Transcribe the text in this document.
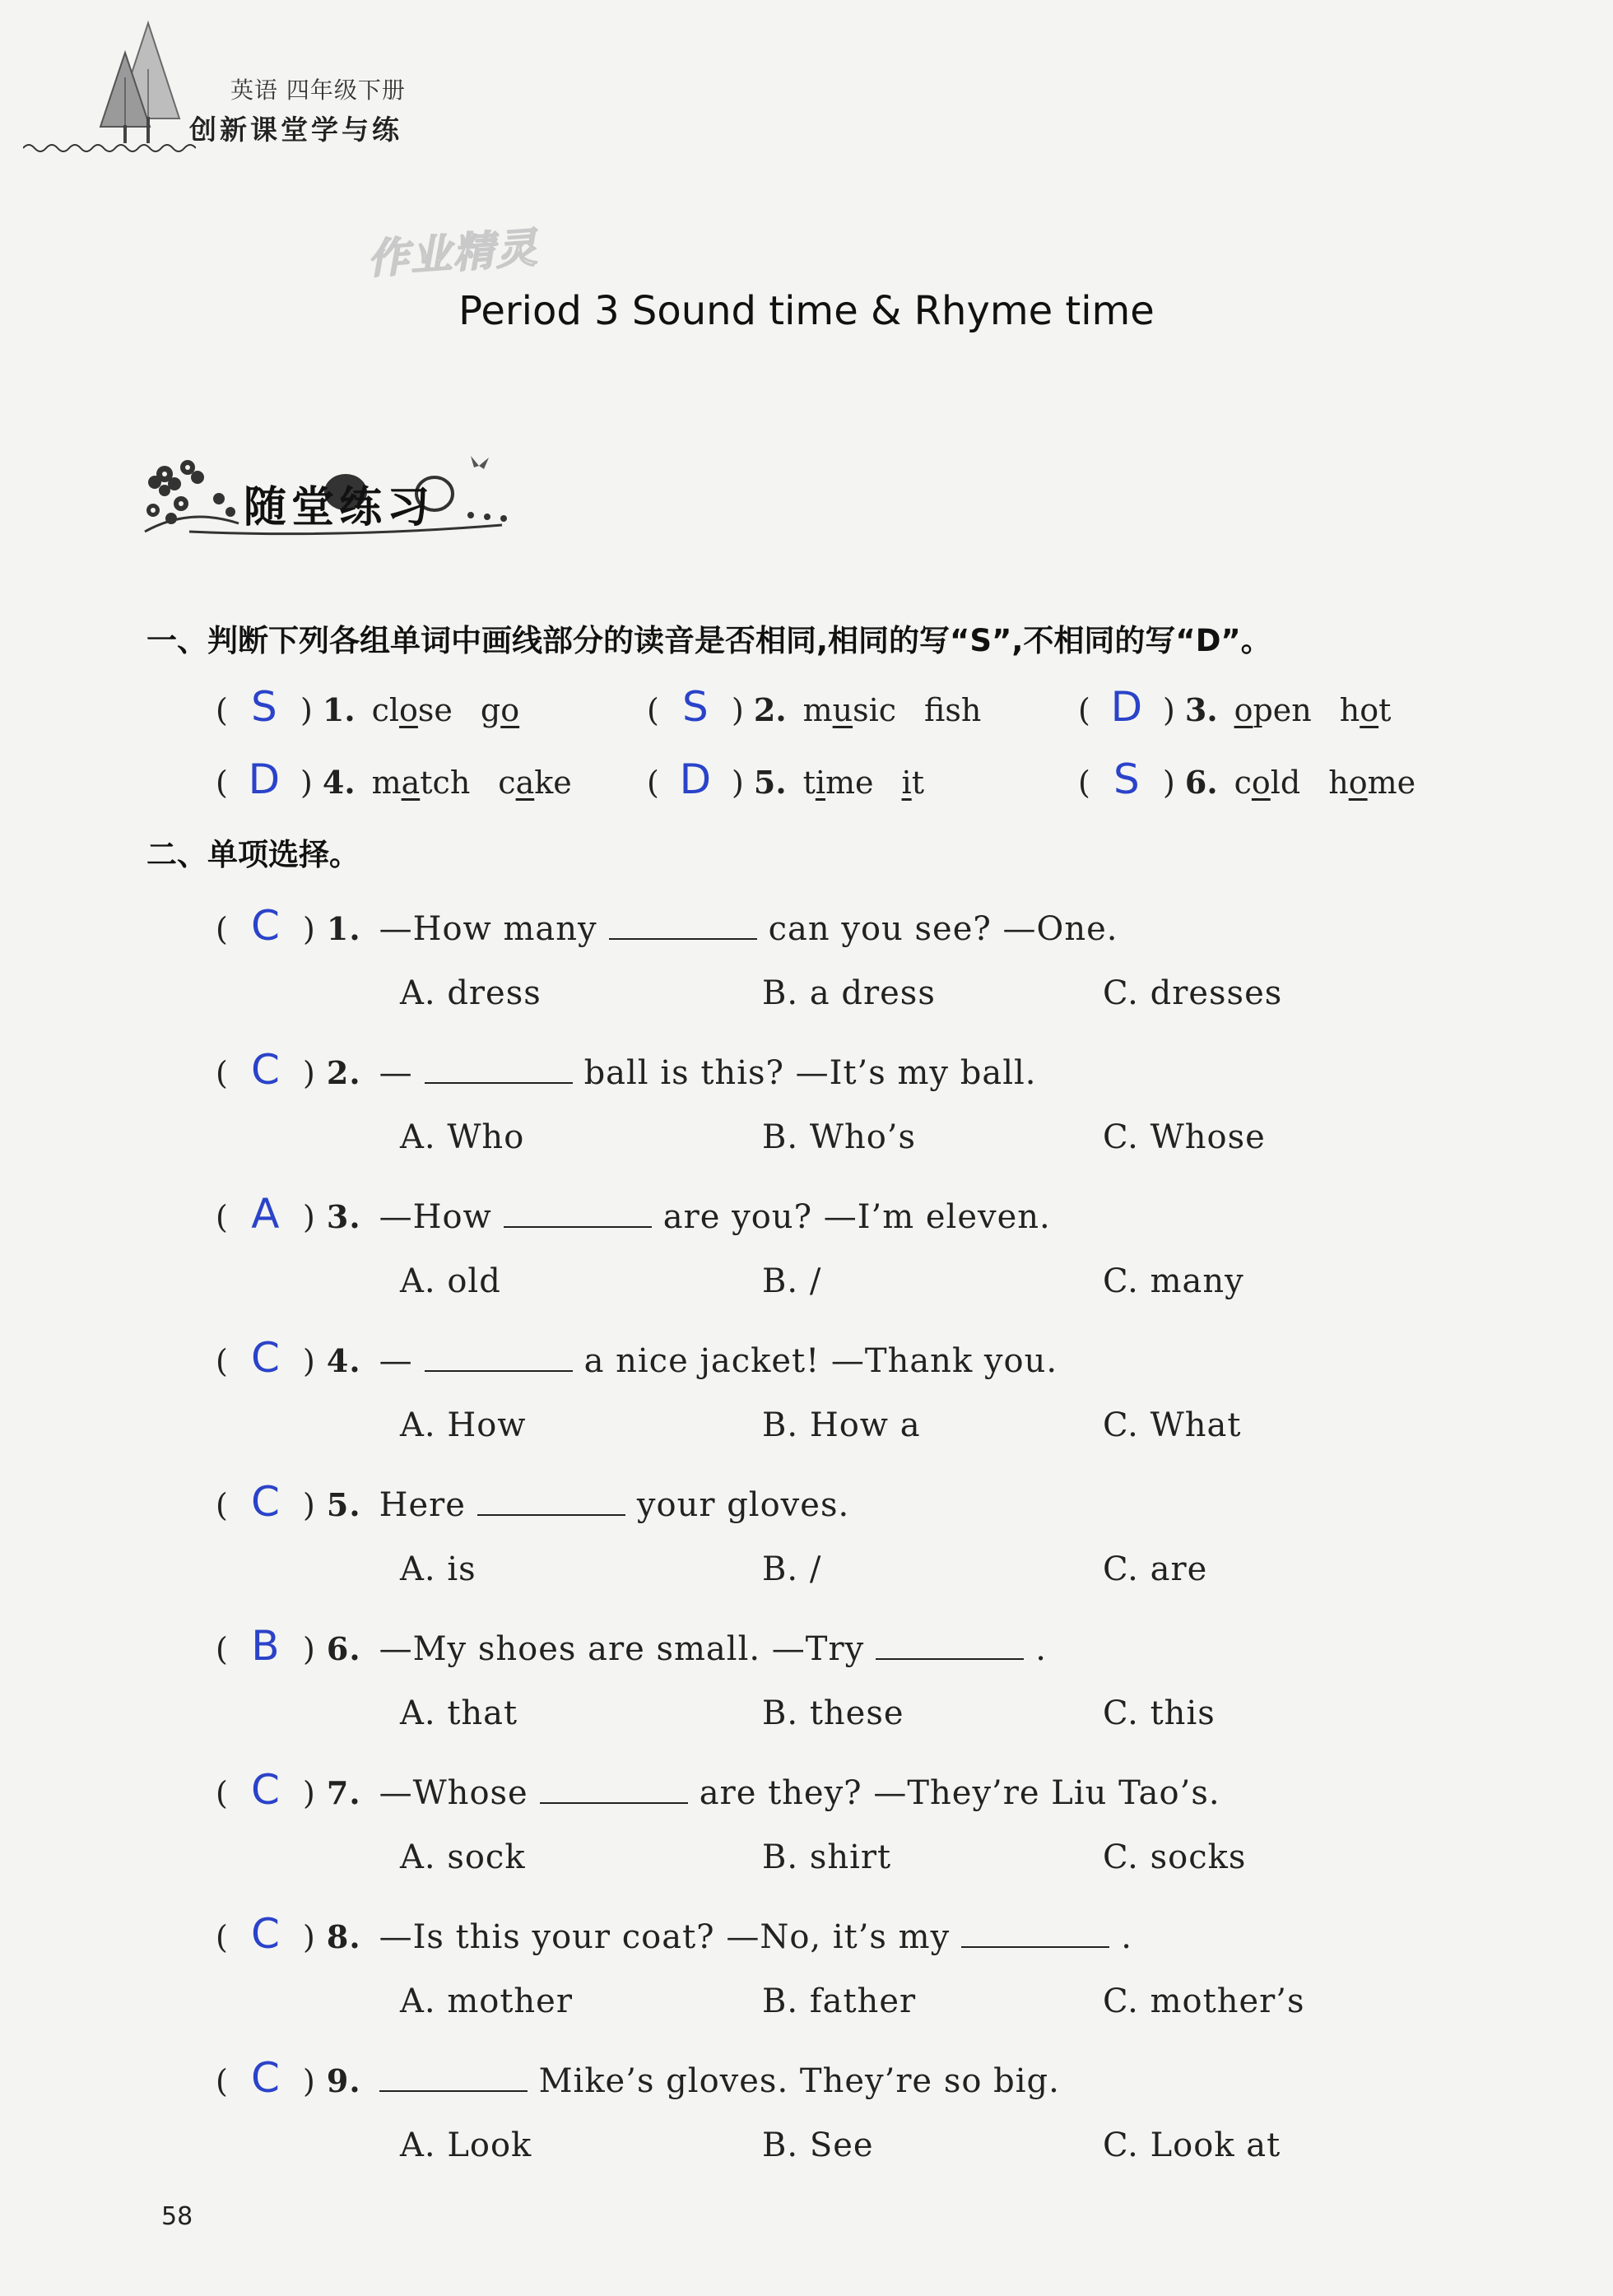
英语 四年级下册
创新课堂学与练
作业精灵
Period 3 Sound time & Rhyme time
随堂练习
一、判断下列各组单词中画线部分的读音是否相同,相同的写“S”,不相同的写“D”。
( S ) 1. close go	( S ) 2. music fsh	( D ) 3. open hot
( D ) 4. match cake ( D ) 5. time it	( S ) 6. cold home
二、单项选择。
( C ) 1. —How many	can you see? —One.
A. dress	B. a dress	C. dresses
( C ) 2. —	ball is this? —It’s my ball.
A. Who	B. Who’s	C. Whose
( A ) 3. —How	are you? —I’m eleven.
A. old	B. /	C. many
( C ) 4. —	a nice jacket! —Thank you.
A. How	B. How a	C. What
( C ) 5. Here	your gloves.
A. is	B. /	C. are
( B ) 6. —My shoes are small. —Try	.
A. that	B. these	C. this
( C ) 7. —Whose	are they? —They’re Liu Tao’s.
A. sock	B. shirt	C. socks
( C ) 8. —Is this your coat? —No, it’s my	.
A. mother	B. father	C. mother’s
( C ) 9.	Mike’s gloves. They’re so big.
A. Look	B. See	C. Look at
58
